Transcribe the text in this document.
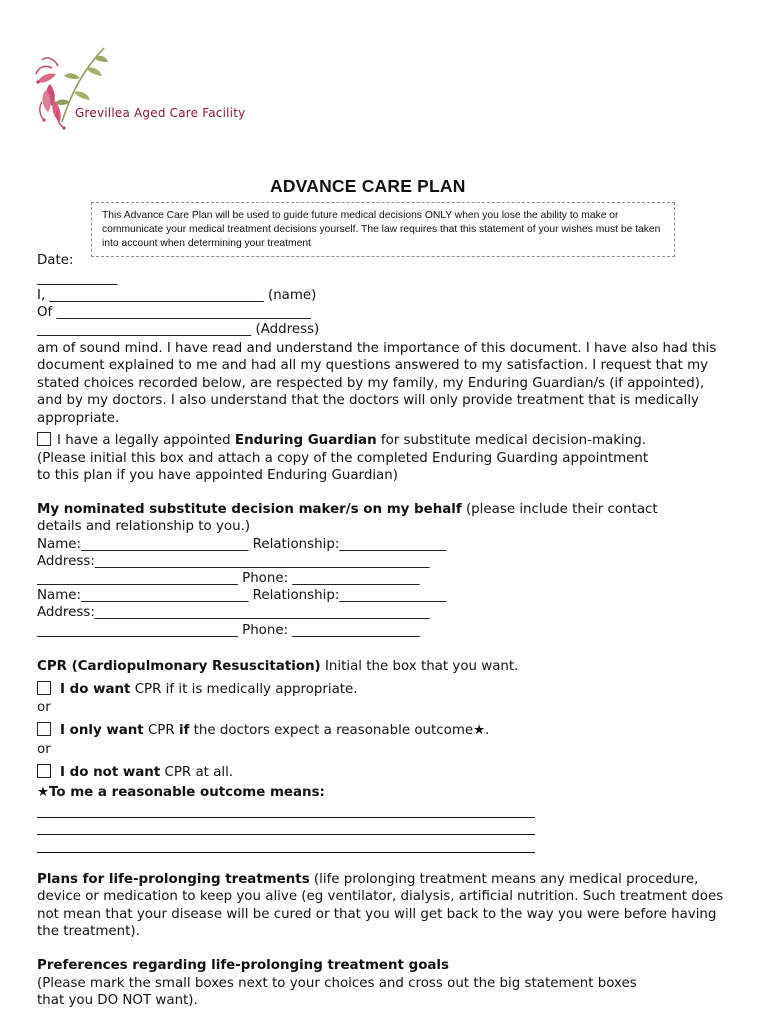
Grevillea Aged Care Facility
ADVANCE CARE PLAN
This Advance Care Plan will be used to guide future medical decisions ONLY when you lose the ability to make or communicate your medical treatment decisions yourself. The law requires that this statement of your wishes must be taken into account when determining your treatment
Date:
____________
I, ________________________________ (name)
Of ______________________________________
________________________________ (Address)
am of sound mind. I have read and understand the importance of this document. I have also had this document explained to me and had all my questions answered to my satisfaction. I request that my stated choices recorded below, are respected by my family, my Enduring Guardian/s (if appointed), and by my doctors. I also understand that the doctors will only provide treatment that is medically appropriate.
I have a legally appointed Enduring Guardian for substitute medical decision-making.
(Please initial this box and attach a copy of the completed Enduring Guarding appointment
to this plan if you have appointed Enduring Guardian)
My nominated substitute decision maker/s on my behalf (please include their contact
details and relationship to you.)
Name:_________________________ Relationship:________________
Address:__________________________________________________
______________________________ Phone: ___________________
Name:_________________________ Relationship:________________
Address:__________________________________________________
______________________________ Phone: ___________________
CPR (Cardiopulmonary Resuscitation) Initial the box that you want.
I do want CPR if it is medically appropriate.
or
I only want CPR if the doctors expect a reasonable outcome★.
or
I do not want CPR at all.
★To me a reasonable outcome means:
Plans for life-prolonging treatments (life prolonging treatment means any medical procedure, device or medication to keep you alive (eg ventilator, dialysis, artificial nutrition. Such treatment does not mean that your disease will be cured or that you will get back to the way you were before having the treatment).
Preferences regarding life-prolonging treatment goals
(Please mark the small boxes next to your choices and cross out the big statement boxes
that you DO NOT want).
